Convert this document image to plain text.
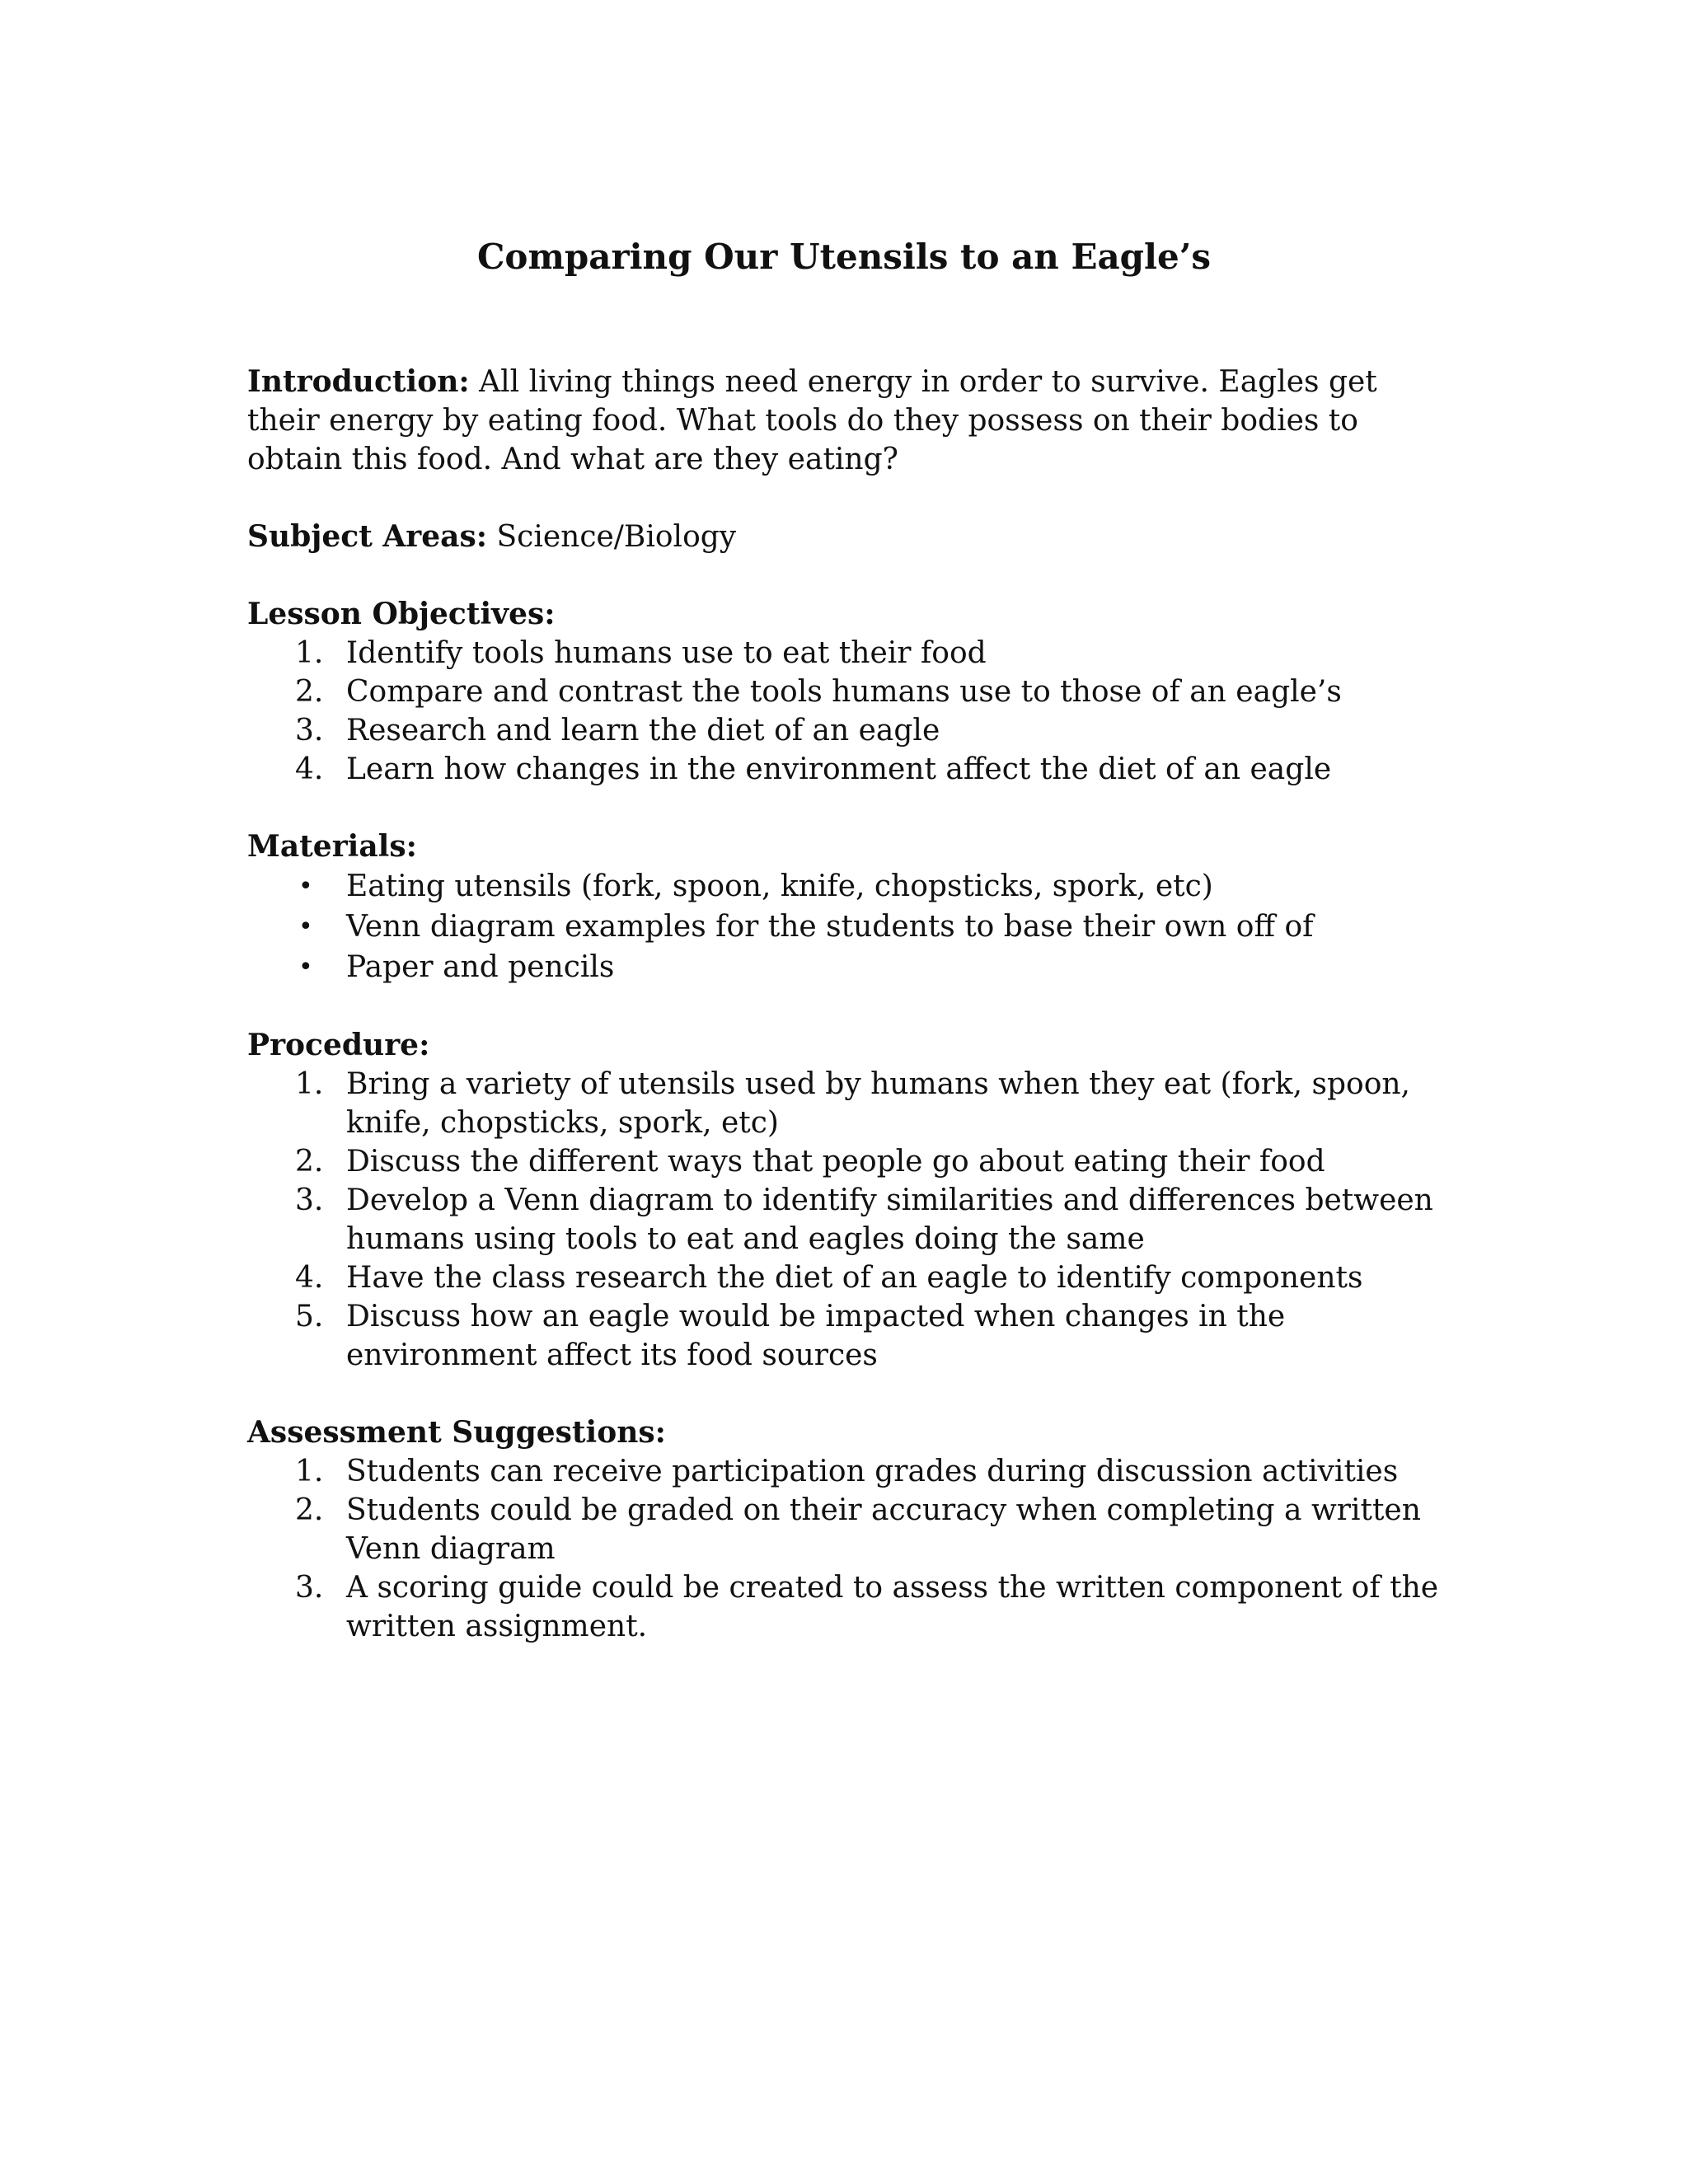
Comparing Our Utensils to an Eagle’s

Introduction: All living things need energy in order to survive. Eagles get their energy by eating food. What tools do they possess on their bodies to obtain this food. And what are they eating?

Subject Areas: Science/Biology

Lesson Objectives:

1. Identify tools humans use to eat their food
2. Compare and contrast the tools humans use to those of an eagle’s
3. Research and learn the diet of an eagle
4. Learn how changes in the environment affect the diet of an eagle

Materials:

• Eating utensils (fork, spoon, knife, chopsticks, spork, etc)
• Venn diagram examples for the students to base their own off of
• Paper and pencils

Procedure:

1. Bring a variety of utensils used by humans when they eat (fork, spoon, knife, chopsticks, spork, etc)
2. Discuss the different ways that people go about eating their food
3. Develop a Venn diagram to identify similarities and differences between humans using tools to eat and eagles doing the same
4. Have the class research the diet of an eagle to identify components
5. Discuss how an eagle would be impacted when changes in the environment affect its food sources

Assessment Suggestions:

1. Students can receive participation grades during discussion activities
2. Students could be graded on their accuracy when completing a written Venn diagram
3. A scoring guide could be created to assess the written component of the written assignment.
